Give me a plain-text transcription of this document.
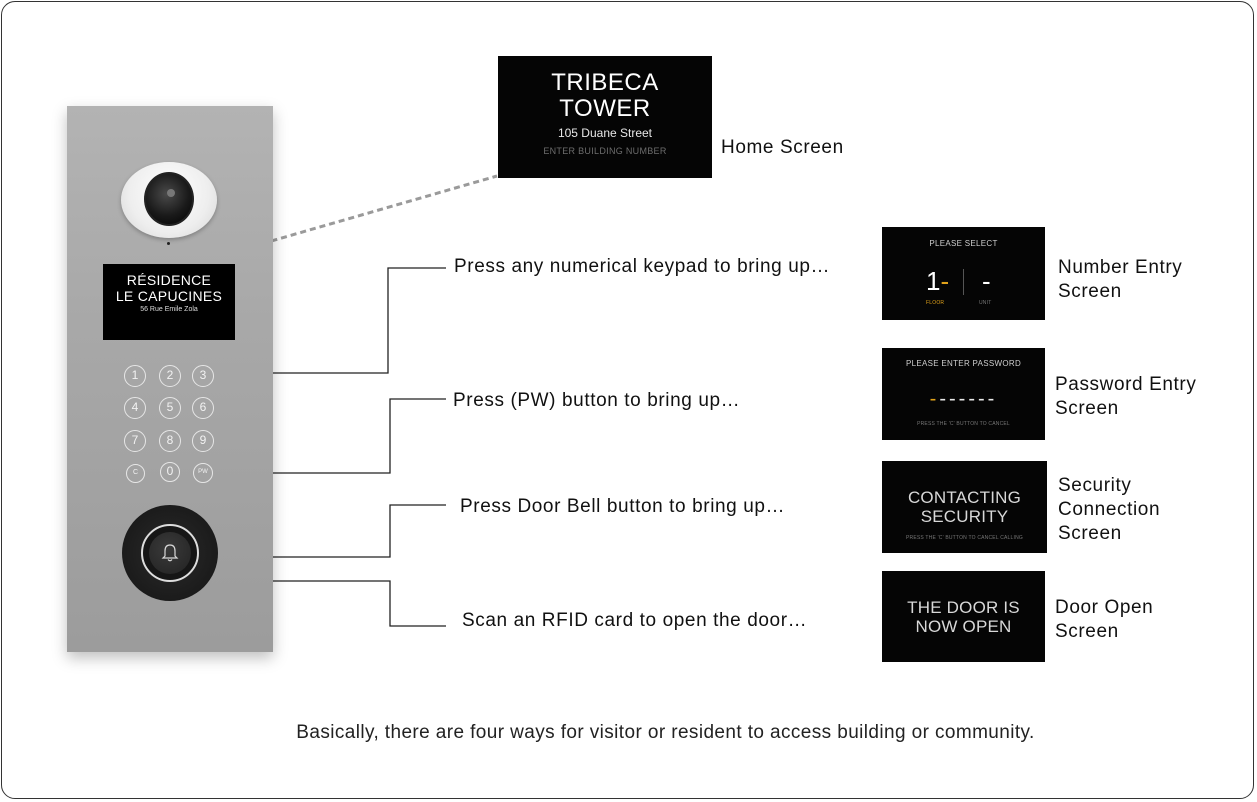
RÉSIDENCE
LE CAPUCINES
56 Rue Emile Zola
1	2	3
4	5	6
7	8	9
C	0	PW
TRIBECA
TOWER
105 Duane Street
ENTER BUILDING NUMBER	Home Screen
PLEASE SELECT
1- -
FLOOR	UNIT
Number Entry
Screen
PLEASE ENTER PASSWORD
-------
PRESS THE 'C' BUTTON TO CANCEL
Password Entry
Screen
CONTACTING
SECURITY
PRESS THE 'C' BUTTON TO CANCEL CALLING
Security
Connection
Screen
THE DOOR IS
NOW OPEN
Door Open
Screen
Press any numerical keypad to bring up…
Press (PW) button to bring up…
Press Door Bell button to bring up…
Scan an RFID card to open the door…
Basically, there are four ways for visitor or resident to access building or community.
